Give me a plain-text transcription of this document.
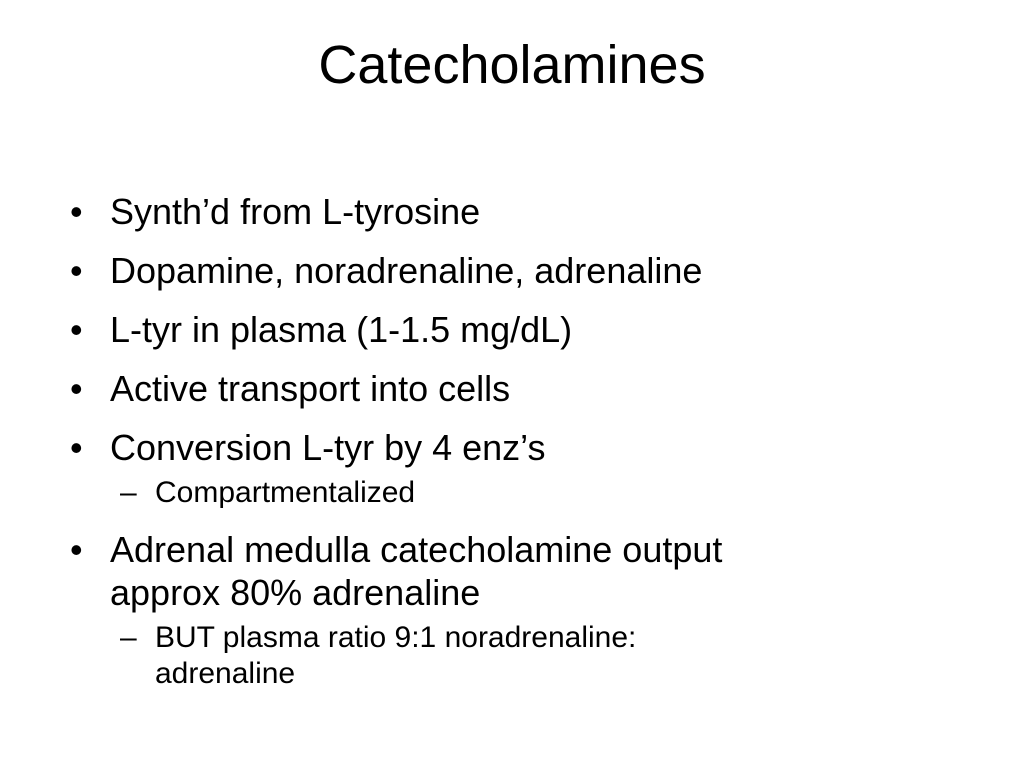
Catecholamines
• Synth’d from L-tyrosine
• Dopamine, noradrenaline, adrenaline
• L-tyr in plasma (1-1.5 mg/dL)
• Active transport into cells
• Conversion L-tyr by 4 enz’s
– Compartmentalized
• Adrenal medulla catecholamine output
approx 80% adrenaline
– BUT plasma ratio 9:1 noradrenaline:
adrenaline
